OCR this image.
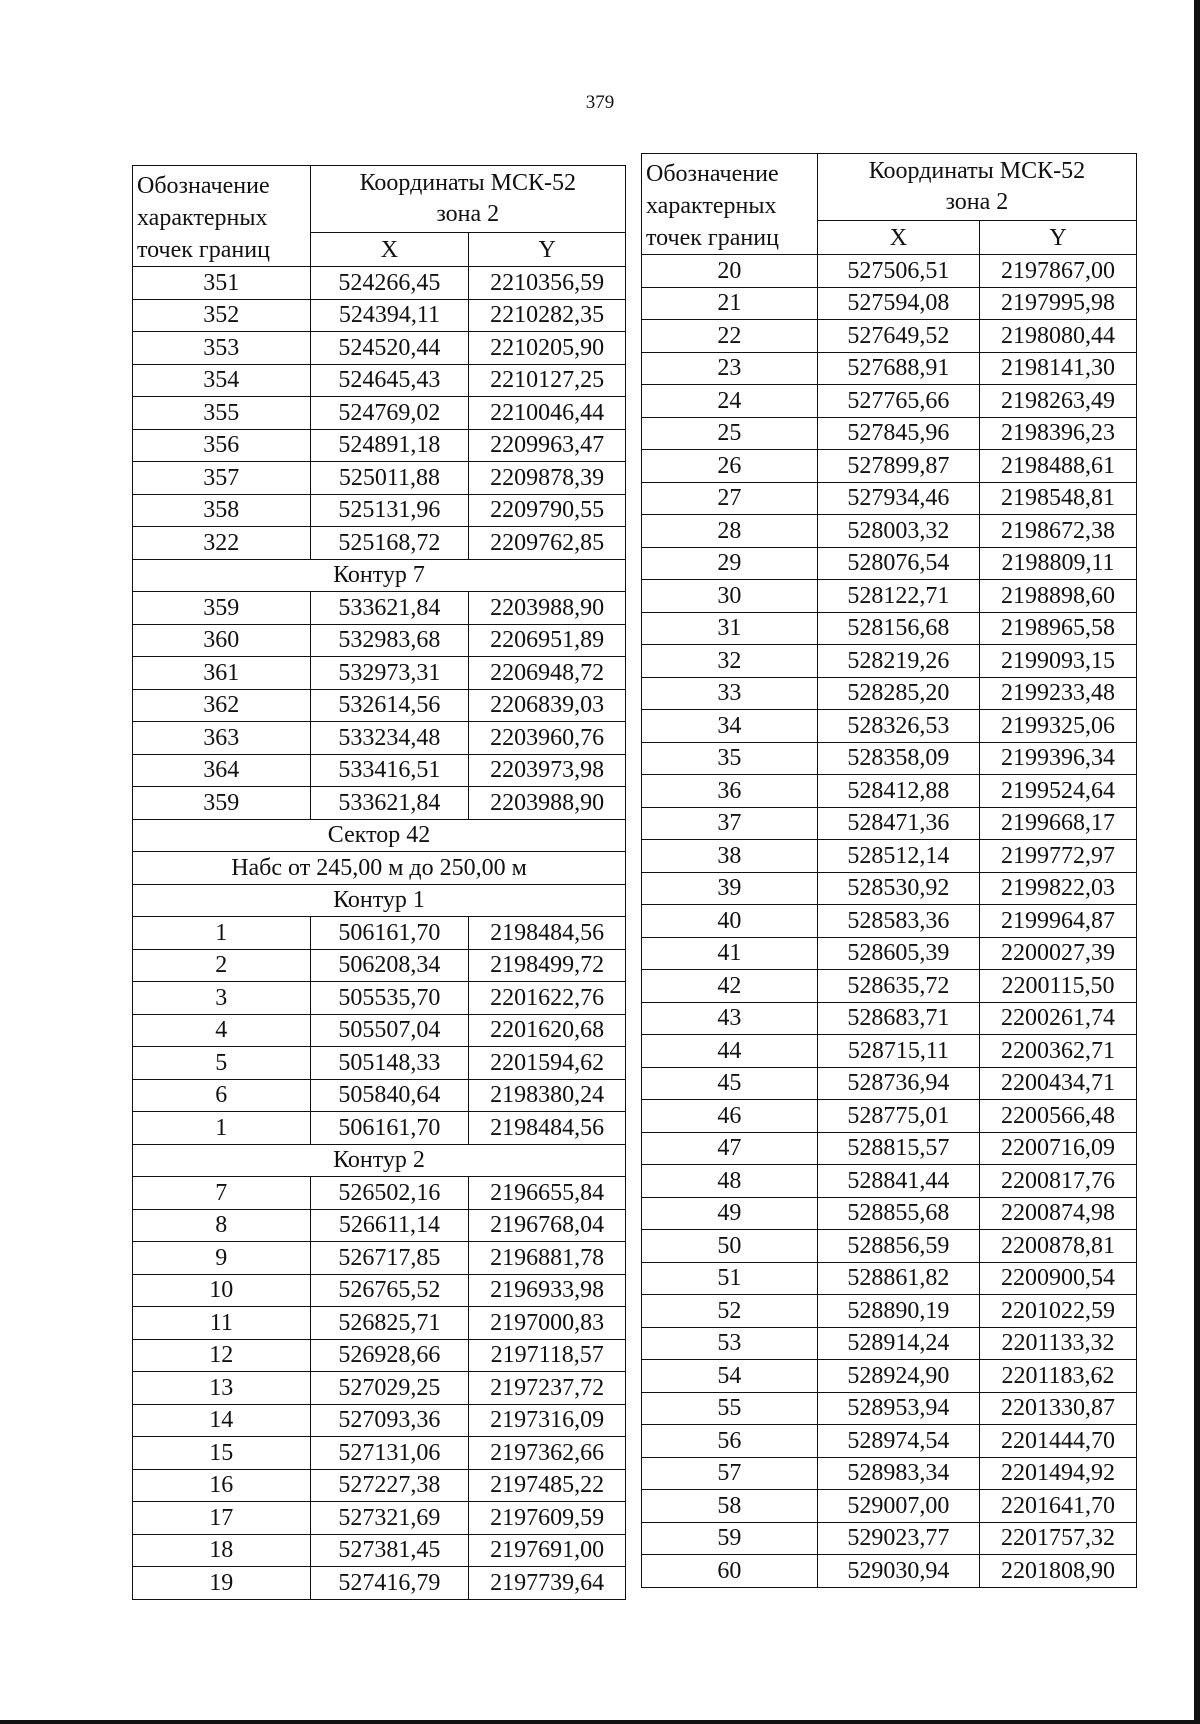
379
Обозначение
характерных
точек границ	Координаты МСК-52
зона 2	
	X	Y
351	524266,45	2210356,59
352	524394,11	2210282,35
353	524520,44	2210205,90
354	524645,43	2210127,25
355	524769,02	2210046,44
356	524891,18	2209963,47
357	525011,88	2209878,39
358	525131,96	2209790,55
322	525168,72	2209762,85
Контур 7		
359	533621,84	2203988,90
360	532983,68	2206951,89
361	532973,31	2206948,72
362	532614,56	2206839,03
363	533234,48	2203960,76
364	533416,51	2203973,98
359	533621,84	2203988,90
Сектор 42		
Набс от 245,00 м до 250,00 м		
Контур 1		
1	506161,70	2198484,56
2	506208,34	2198499,72
3	505535,70	2201622,76
4	505507,04	2201620,68
5	505148,33	2201594,62
6	505840,64	2198380,24
1	506161,70	2198484,56
Контур 2		
7	526502,16	2196655,84
8	526611,14	2196768,04
9	526717,85	2196881,78
10	526765,52	2196933,98
11	526825,71	2197000,83
12	526928,66	2197118,57
13	527029,25	2197237,72
14	527093,36	2197316,09
15	527131,06	2197362,66
16	527227,38	2197485,22
17	527321,69	2197609,59
18	527381,45	2197691,00
19	527416,79	2197739,64
Обозначение
характерных
точек границ	Координаты МСК-52
зона 2	
	X	Y
20	527506,51	2197867,00
21	527594,08	2197995,98
22	527649,52	2198080,44
23	527688,91	2198141,30
24	527765,66	2198263,49
25	527845,96	2198396,23
26	527899,87	2198488,61
27	527934,46	2198548,81
28	528003,32	2198672,38
29	528076,54	2198809,11
30	528122,71	2198898,60
31	528156,68	2198965,58
32	528219,26	2199093,15
33	528285,20	2199233,48
34	528326,53	2199325,06
35	528358,09	2199396,34
36	528412,88	2199524,64
37	528471,36	2199668,17
38	528512,14	2199772,97
39	528530,92	2199822,03
40	528583,36	2199964,87
41	528605,39	2200027,39
42	528635,72	2200115,50
43	528683,71	2200261,74
44	528715,11	2200362,71
45	528736,94	2200434,71
46	528775,01	2200566,48
47	528815,57	2200716,09
48	528841,44	2200817,76
49	528855,68	2200874,98
50	528856,59	2200878,81
51	528861,82	2200900,54
52	528890,19	2201022,59
53	528914,24	2201133,32
54	528924,90	2201183,62
55	528953,94	2201330,87
56	528974,54	2201444,70
57	528983,34	2201494,92
58	529007,00	2201641,70
59	529023,77	2201757,32
60	529030,94	2201808,90
